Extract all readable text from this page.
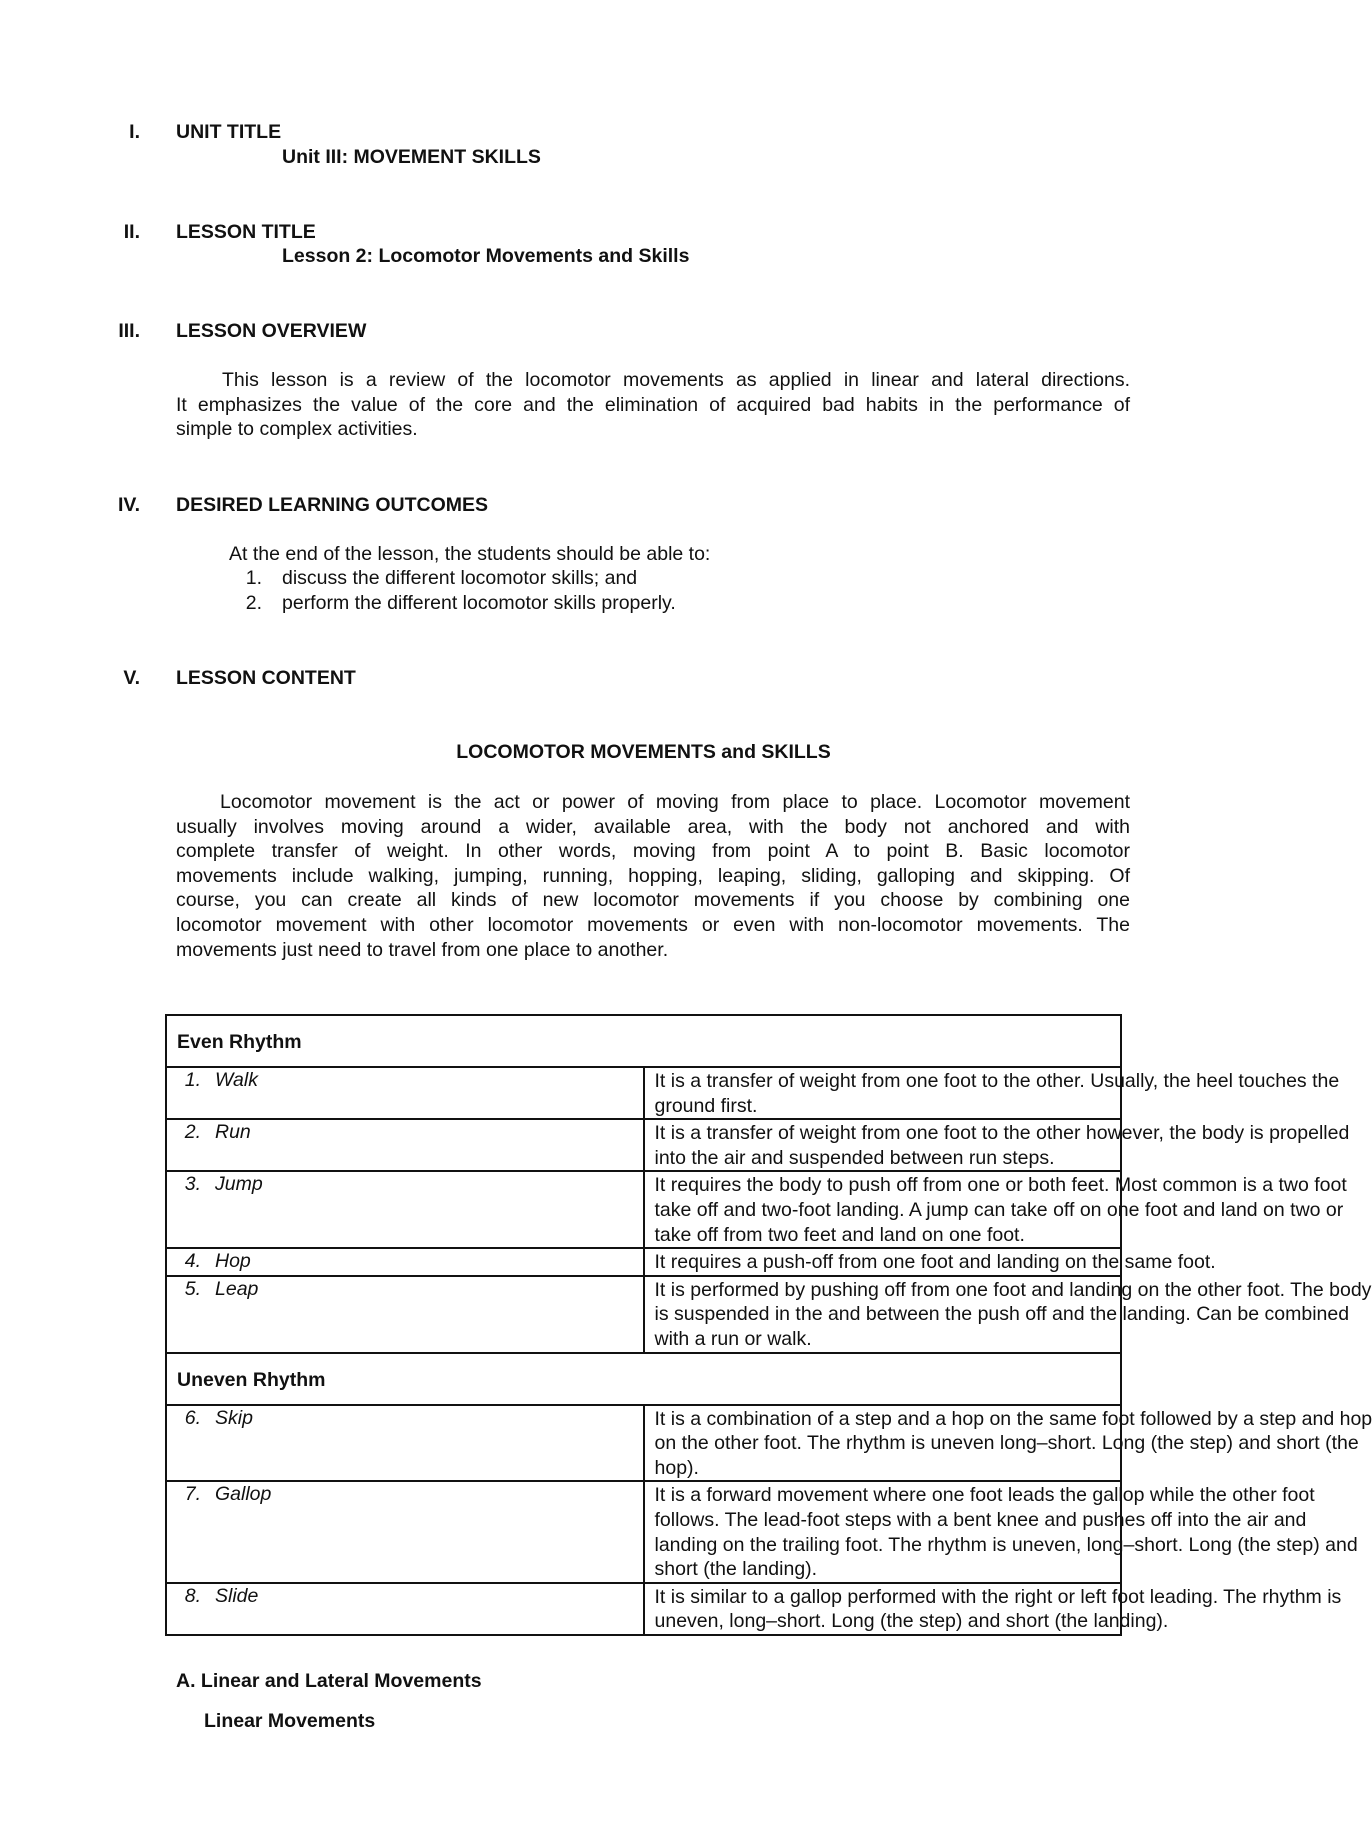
I. UNIT TITLE
Unit III: MOVEMENT SKILLS
II. LESSON TITLE
Lesson 2: Locomotor Movements and Skills
III. LESSON OVERVIEW
This lesson is a review of the locomotor movements as applied in linear and lateral directions.
It emphasizes the value of the core and the elimination of acquired bad habits in the performance of
simple to complex activities.
IV. DESIRED LEARNING OUTCOMES
At the end of the lesson, the students should be able to:
1. discuss the different locomotor skills; and
2. perform the different locomotor skills properly.
V. LESSON CONTENT
LOCOMOTOR MOVEMENTS and SKILLS
Locomotor movement is the act or power of moving from place to place. Locomotor movement
usually involves moving around a wider, available area, with the body not anchored and with
complete transfer of weight. In other words, moving from point A to point B. Basic locomotor
movements include walking, jumping, running, hopping, leaping, sliding, galloping and skipping. Of
course, you can create all kinds of new locomotor movements if you choose by combining one
locomotor movement with other locomotor movements or even with non-locomotor movements. The
movements just need to travel from one place to another.
Even Rhythm	
1. Walk	It is a transfer of weight from one foot to the other. Usually, the heel touches the
ground first.

2. Run	It is a transfer of weight from one foot to the other however, the body is propelled
into the air and suspended between run steps.

3. Jump	It requires the body to push off from one or both feet. Most common is a two foot
take off and two-foot landing. A jump can take off on one foot and land on two or
take off from two feet and land on one foot.

4. Hop	It requires a push-off from one foot and landing on the same foot.

5. Leap	It is performed by pushing off from one foot and landing on the other foot. The body
is suspended in the and between the push off and the landing. Can be combined
with a run or walk.

Uneven Rhythm	
6. Skip	It is a combination of a step and a hop on the same foot followed by a step and hop
on the other foot. The rhythm is uneven long–short. Long (the step) and short (the
hop).

7. Gallop	It is a forward movement where one foot leads the gallop while the other foot
follows. The lead-foot steps with a bent knee and pushes off into the air and
landing on the trailing foot. The rhythm is uneven, long–short. Long (the step) and
short (the landing).

8. Slide	It is similar to a gallop performed with the right or left foot leading. The rhythm is
uneven, long–short. Long (the step) and short (the landing).
A. Linear and Lateral Movements
Linear Movements
